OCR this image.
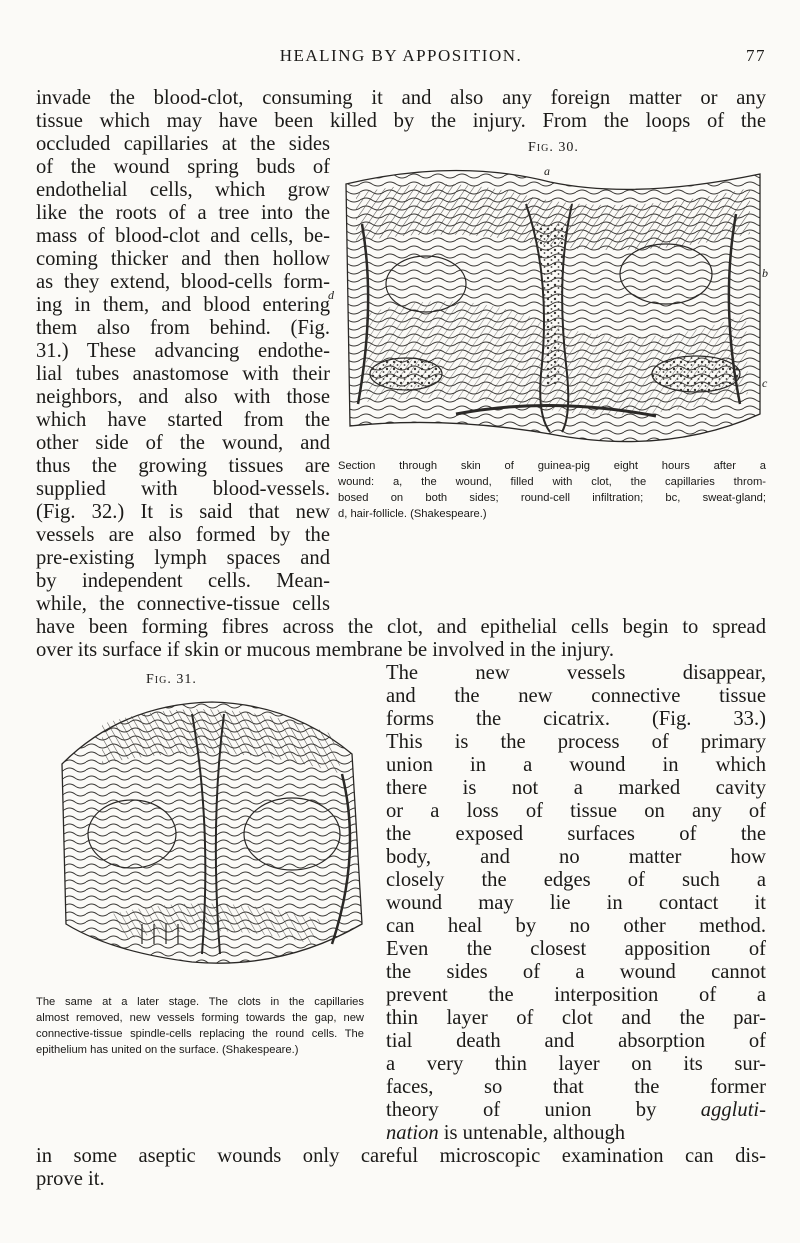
HEALING BY APPOSITION.	77
invade the blood-clot, consuming it and also any foreign matter or any
tissue which may have been killed by the injury. From the loops of the
occluded capillaries at the sides
of the wound spring buds of
endothelial cells, which grow
like the roots of a tree into the
mass of blood-clot and cells, be-
coming thicker and then hollow
as they extend, blood-cells form-
ing in them, and blood entering
them also from behind. (Fig.
31.) These advancing endothe-
lial tubes anastomose with their
neighbors, and also with those
which have started from the
other side of the wound, and
thus the growing tissues are
supplied with blood-vessels.
(Fig. 32.) It is said that new
vessels are also formed by the
pre-existing lymph spaces and
by independent cells. Mean-
while, the connective-tissue cells
Fig. 30.
a
b
c
d
Section through skin of guinea-pig eight hours after a
wound: a, the wound, filled with clot, the capillaries throm-
bosed on both sides; round-cell infiltration; bc, sweat-gland;
d, hair-follicle. (Shakespeare.)
have been forming fibres across the clot, and epithelial cells begin to spread
over its surface if skin or mucous membrane be involved in the injury.
Fig. 31.
The same at a later stage. The clots in the capillaries
almost removed, new vessels forming towards the gap, new
connective-tissue spindle-cells replacing the round cells. The
epithelium has united on the surface. (Shakespeare.)
The new vessels disappear,
and the new connective tissue
forms the cicatrix. (Fig. 33.)
This is the process of primary
union in a wound in which
there is not a marked cavity
or a loss of tissue on any of
the exposed surfaces of the
body, and no matter how
closely the edges of such a
wound may lie in contact it
can heal by no other method.
Even the closest apposition of
the sides of a wound cannot
prevent the interposition of a
thin layer of clot and the par-
tial death and absorption of
a very thin layer on its sur-
faces, so that the former
theory of union by aggluti-
nation is untenable, although
in some aseptic wounds only careful microscopic examination can dis-
prove it.
